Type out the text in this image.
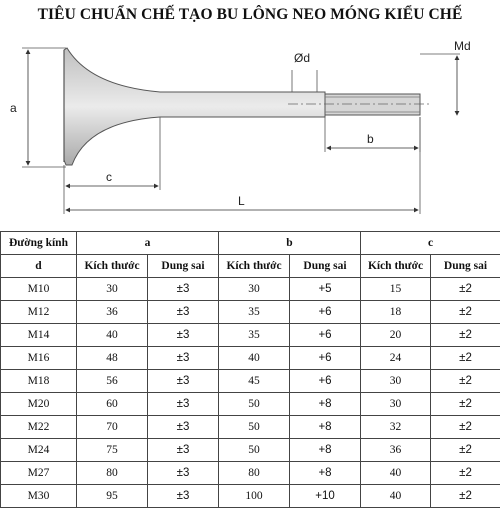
TIÊU CHUẨN CHẾ TẠO BU LÔNG NEO MÓNG KIỂU CHẾ
a
Ød
Md
b
c
L
Đường kính	a		b		c	
d	Kích thước	Dung sai	Kích thước	Dung sai	Kích thước	Dung sai
M10	30	±3	30	+5	15	±2
M12	36	±3	35	+6	18	±2
M14	40	±3	35	+6	20	±2
M16	48	±3	40	+6	24	±2
M18	56	±3	45	+6	30	±2
M20	60	±3	50	+8	30	±2
M22	70	±3	50	+8	32	±2
M24	75	±3	50	+8	36	±2
M27	80	±3	80	+8	40	±2
M30	95	±3	100	+10	40	±2
